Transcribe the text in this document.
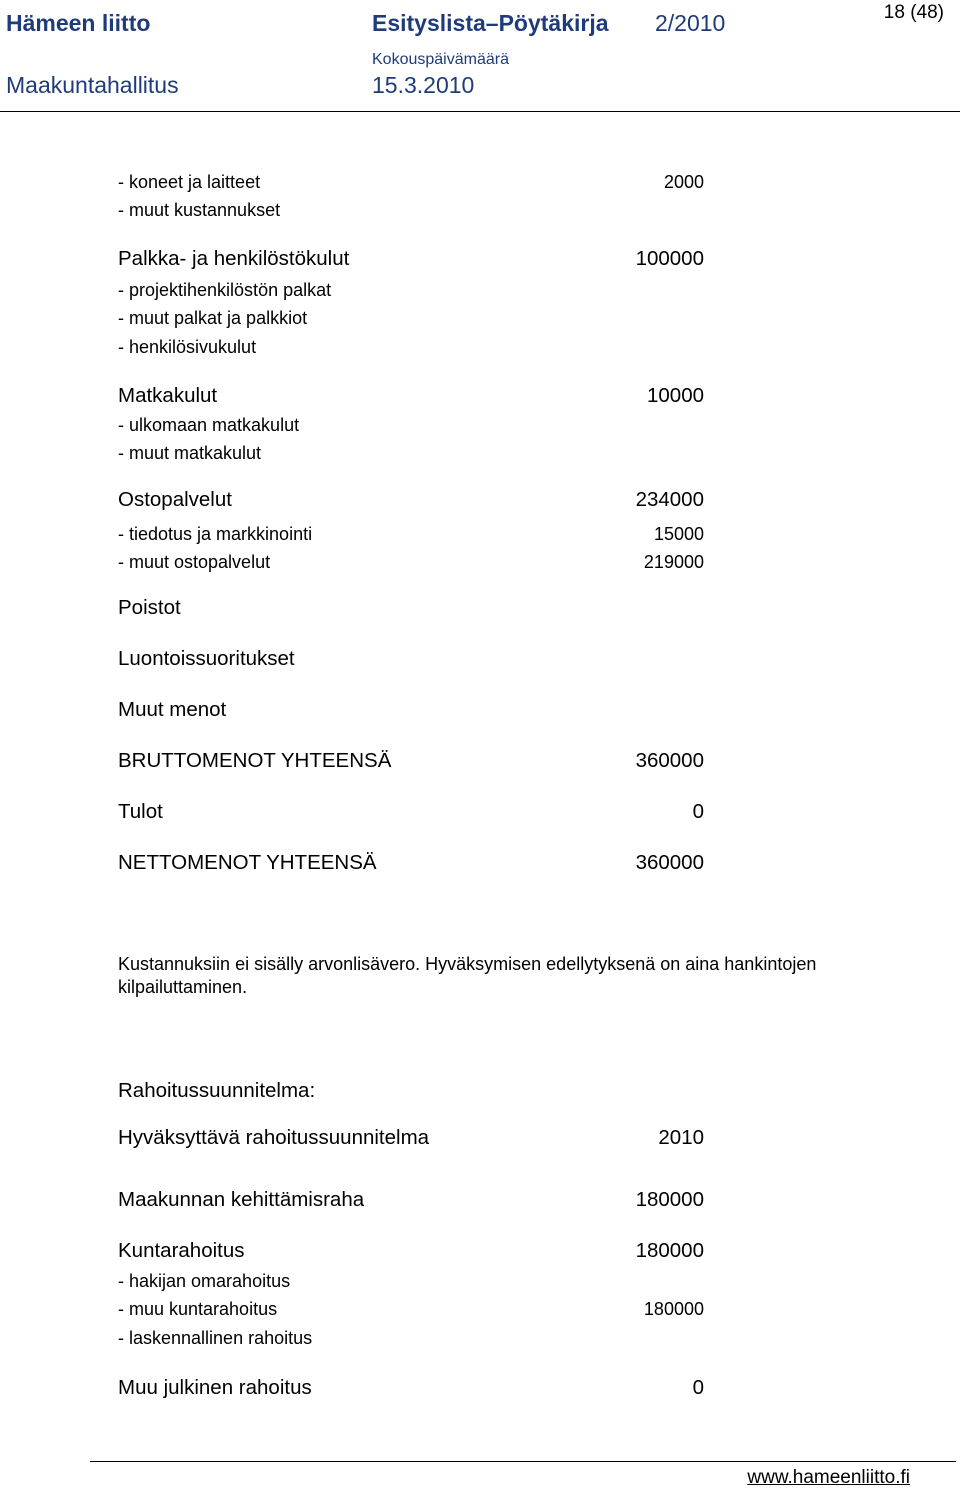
Hämeen liitto	Esityslista–Pöytäkirja 2/2010	18 (48)
Maakuntahallitus
Kokouspäivämäärä
15.3.2010
- koneet ja laitteet	2000
- muut kustannukset
Palkka- ja henkilöstökulut	100000
- projektihenkilöstön palkat
- muut palkat ja palkkiot
- henkilösivukulut
Matkakulut	10000
- ulkomaan matkakulut
- muut matkakulut
Ostopalvelut	234000
- tiedotus ja markkinointi	15000
- muut ostopalvelut	219000
Poistot
Luontoissuoritukset
Muut menot
BRUTTOMENOT YHTEENSÄ	360000
Tulot	0
NETTOMENOT YHTEENSÄ	360000
Kustannuksiin ei sisälly arvonlisävero. Hyväksymisen edellytyksenä on aina hankintojen
kilpailuttaminen.
Rahoitussuunnitelma:
Hyväksyttävä rahoitussuunnitelma	2010
Maakunnan kehittämisraha	180000
Kuntarahoitus	180000
- hakijan omarahoitus
- muu kuntarahoitus	180000
- laskennallinen rahoitus
Muu julkinen rahoitus	0
www.hameenliitto.fi
